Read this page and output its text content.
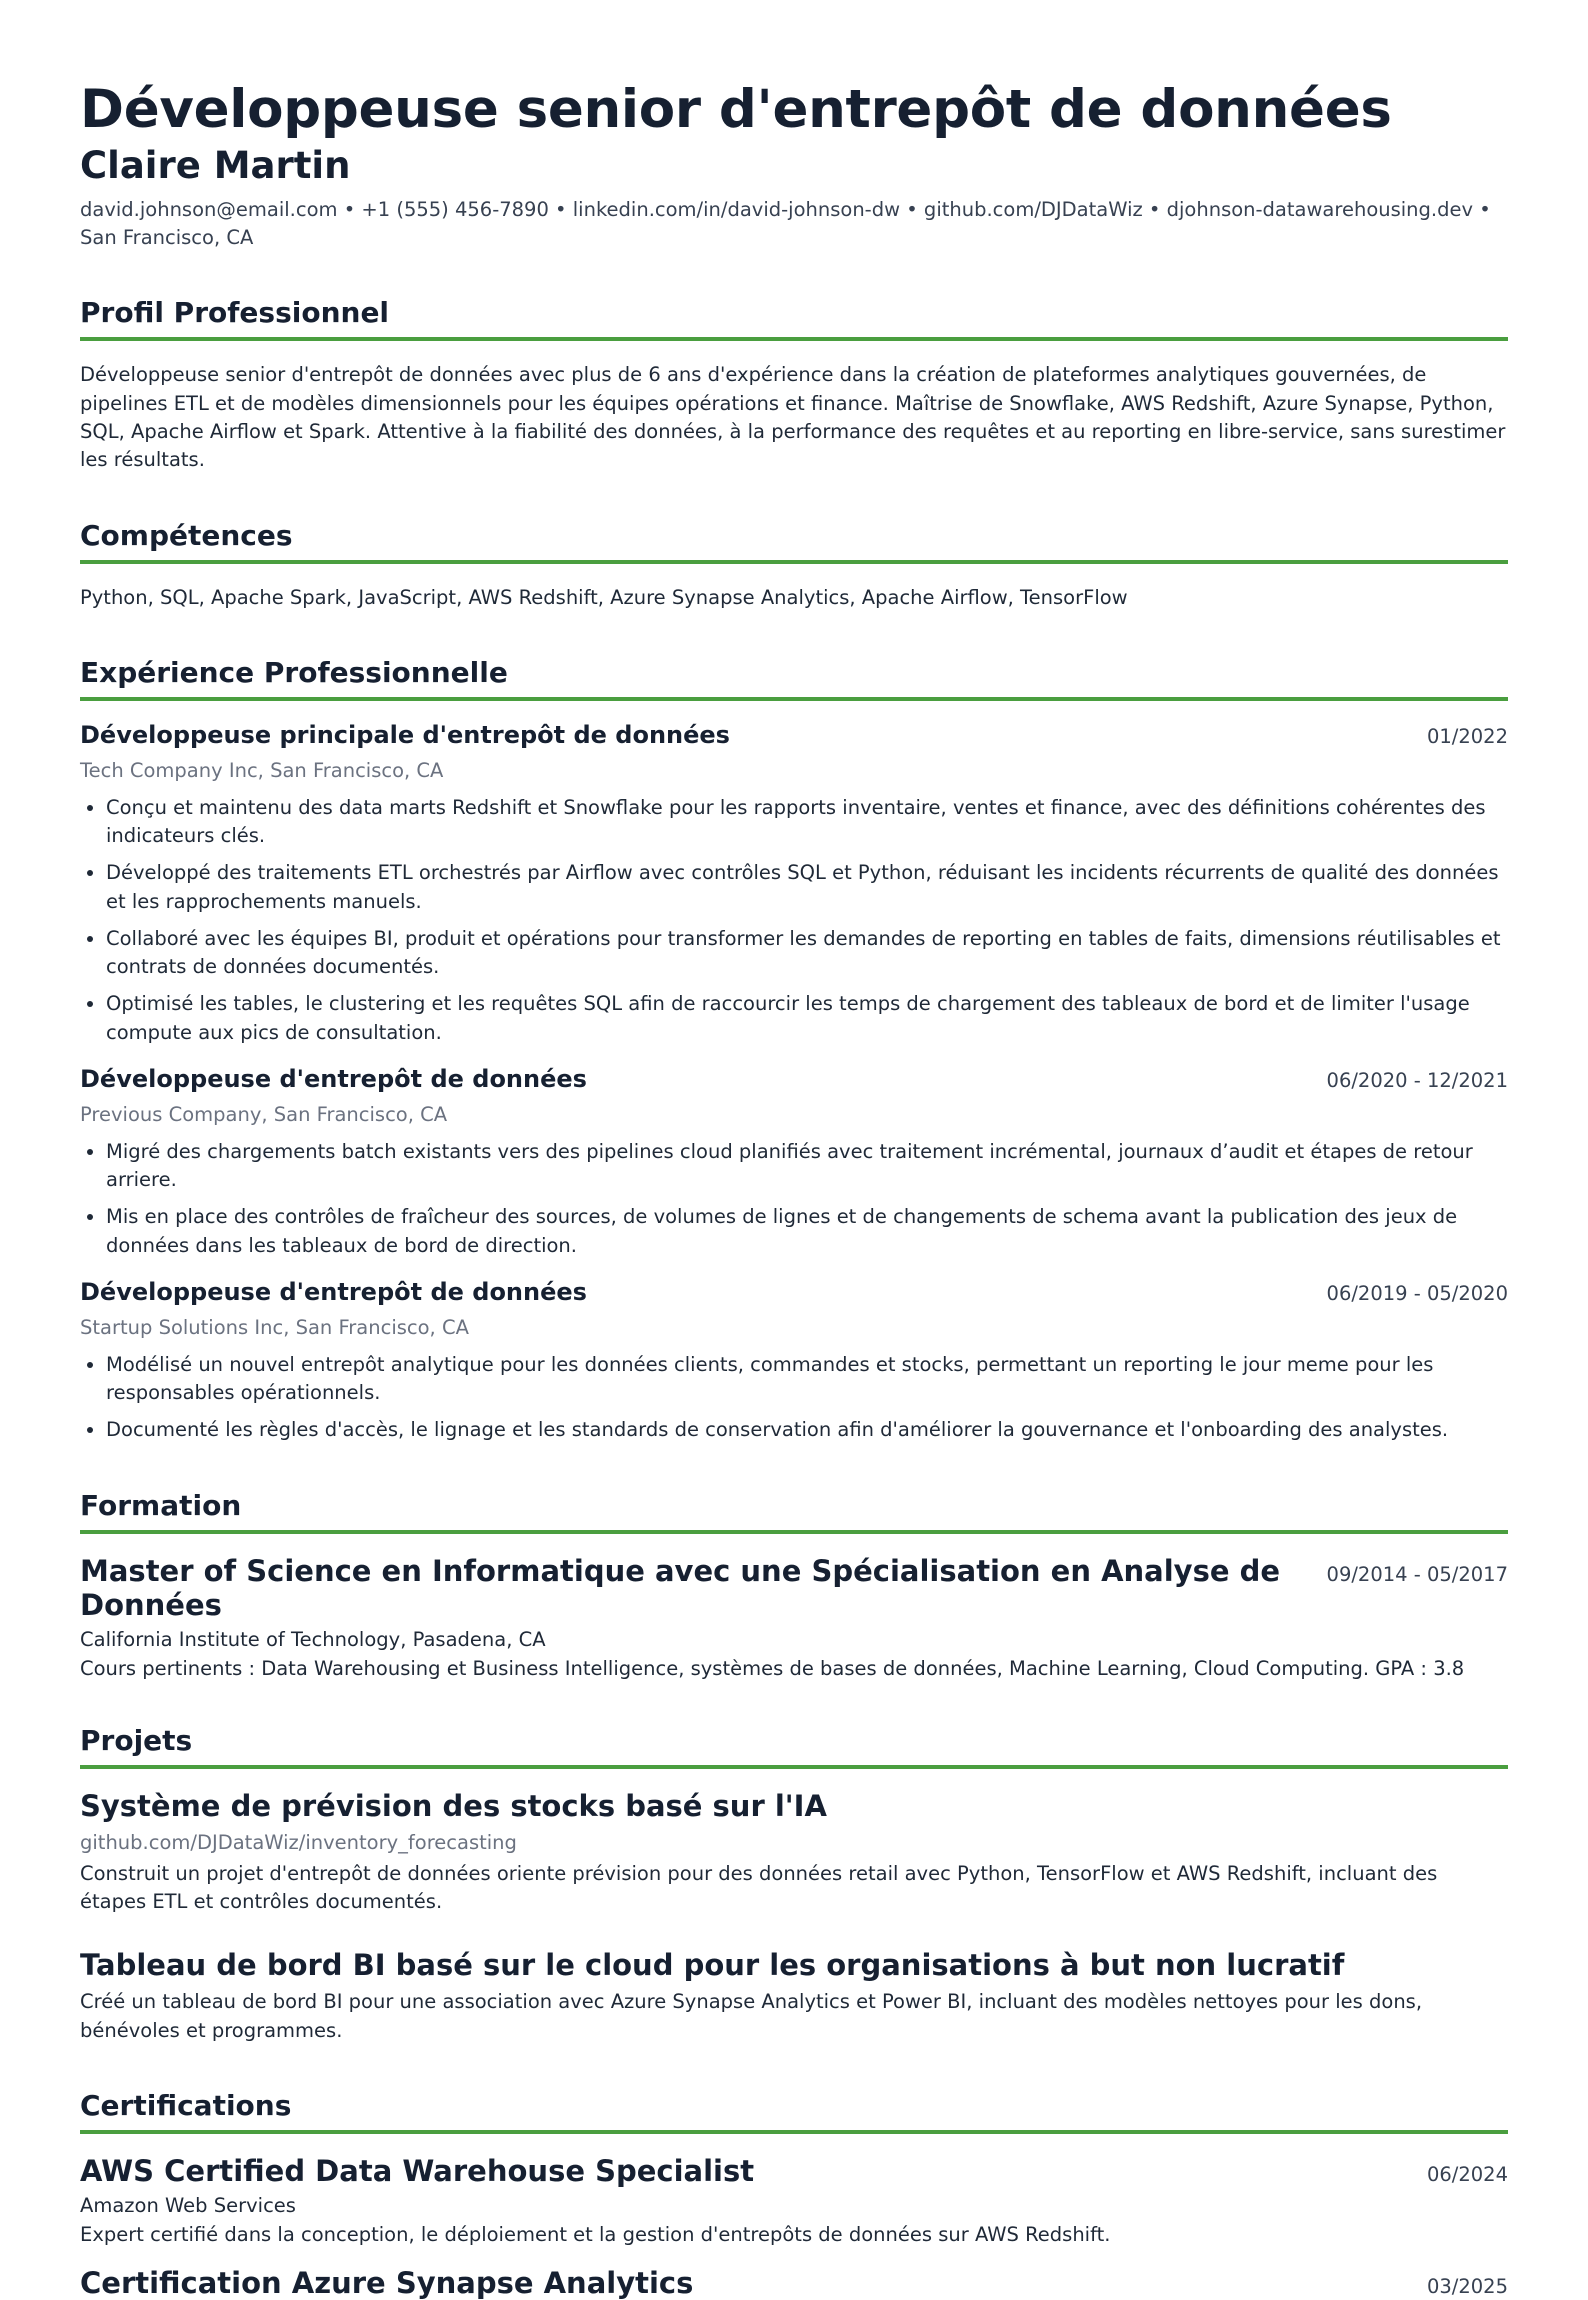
Développeuse senior d'entrepôt de données
Claire Martin
david.johnson@email.com • +1 (555) 456-7890 • linkedin.com/in/david-johnson-dw • github.com/DJDataWiz • djohnson-datawarehousing.dev • San Francisco, CA
Profil Professionnel

Développeuse senior d'entrepôt de données avec plus de 6 ans d'expérience dans la création de plateformes analytiques gouvernées, de pipelines ETL et de modèles dimensionnels pour les équipes opérations et finance. Maîtrise de Snowflake, AWS Redshift, Azure Synapse, Python, SQL, Apache Airflow et Spark. Attentive à la fiabilité des données, à la performance des requêtes et au reporting en libre-service, sans surestimer les résultats.

Compétences

Python, SQL, Apache Spark, JavaScript, AWS Redshift, Azure Synapse Analytics, Apache Airflow, TensorFlow

Expérience Professionnelle
Développeuse principale d'entrepôt de données	01/2022
Tech Company Inc, San Francisco, CA
• Conçu et maintenu des data marts Redshift et Snowflake pour les rapports inventaire, ventes et finance, avec des définitions cohérentes des indicateurs clés.
• Développé des traitements ETL orchestrés par Airflow avec contrôles SQL et Python, réduisant les incidents récurrents de qualité des données et les rapprochements manuels.
• Collaboré avec les équipes BI, produit et opérations pour transformer les demandes de reporting en tables de faits, dimensions réutilisables et contrats de données documentés.
• Optimisé les tables, le clustering et les requêtes SQL afin de raccourcir les temps de chargement des tableaux de bord et de limiter l'usage compute aux pics de consultation.
Développeuse d'entrepôt de données	06/2020 - 12/2021
Previous Company, San Francisco, CA
• Migré des chargements batch existants vers des pipelines cloud planifiés avec traitement incrémental, journaux d’audit et étapes de retour arriere.
• Mis en place des contrôles de fraîcheur des sources, de volumes de lignes et de changements de schema avant la publication des jeux de données dans les tableaux de bord de direction.
Développeuse d'entrepôt de données	06/2019 - 05/2020
Startup Solutions Inc, San Francisco, CA
• Modélisé un nouvel entrepôt analytique pour les données clients, commandes et stocks, permettant un reporting le jour meme pour les responsables opérationnels.
• Documenté les règles d'accès, le lignage et les standards de conservation afin d'améliorer la gouvernance et l'onboarding des analystes.
Formation
Master of Science en Informatique avec une Spécialisation en Analyse de Données
09/2014 - 05/2017
California Institute of Technology, Pasadena, CA
Cours pertinents : Data Warehousing et Business Intelligence, systèmes de bases de données, Machine Learning, Cloud Computing. GPA : 3.8
Projets
Système de prévision des stocks basé sur l'IA
github.com/DJDataWiz/inventory_forecasting

Construit un projet d'entrepôt de données oriente prévision pour des données retail avec Python, TensorFlow et AWS Redshift, incluant des étapes ETL et contrôles documentés.

Tableau de bord BI basé sur le cloud pour les organisations à but non lucratif

Créé un tableau de bord BI pour une association avec Azure Synapse Analytics et Power BI, incluant des modèles nettoyes pour les dons, bénévoles et programmes.

Certifications
AWS Certified Data Warehouse Specialist	06/2024
Amazon Web Services
Expert certifié dans la conception, le déploiement et la gestion d'entrepôts de données sur AWS Redshift.
Certification Azure Synapse Analytics	03/2025
